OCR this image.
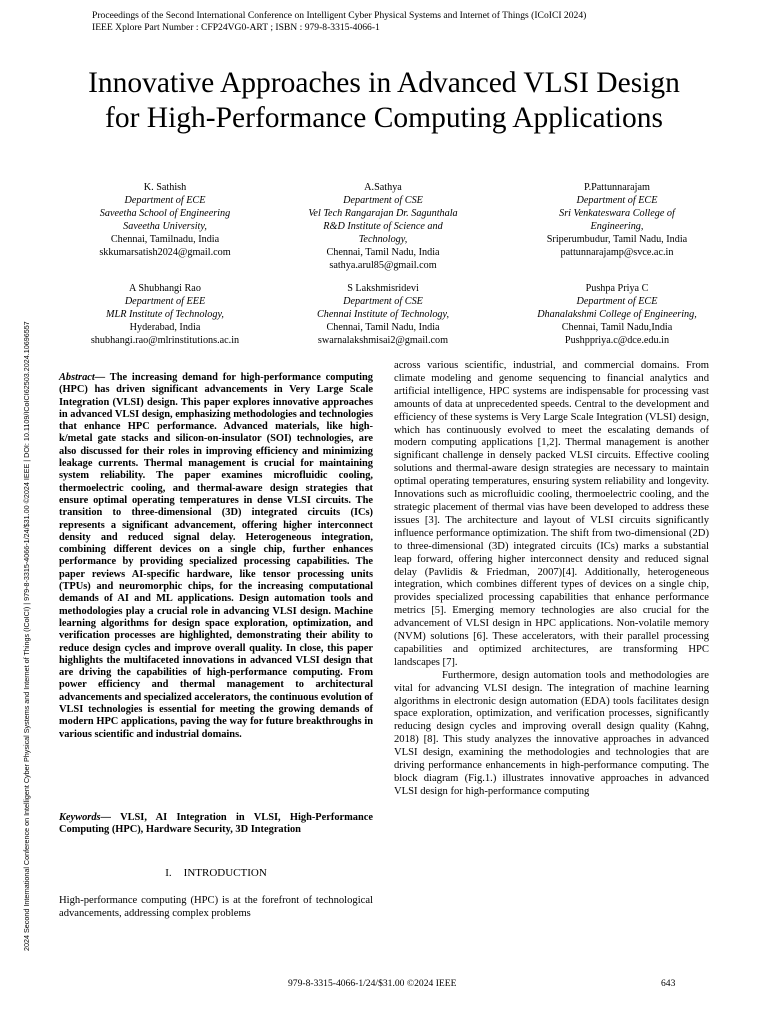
Proceedings of the Second International Conference on Intelligent Cyber Physical Systems and Internet of Things (ICoICI 2024)
IEEE Xplore Part Number : CFP24VG0-ART ; ISBN : 979-8-3315-4066-1
Innovative Approaches in Advanced VLSI Design
for High-Performance Computing Applications
2024 Second International Conference on Intelligent Cyber Physical Systems and Internet of Things (ICoICI) | 979-8-3315-4066-1/24/$31.00 ©2024 IEEE | DOI: 10.1109/ICoICI62503.2024.10696557
K. Sathish
Department of ECE
Saveetha School of Engineering
Saveetha University,
Chennai, Tamilnadu, India
skkumarsatish2024@gmail.com
A.Sathya
Department of CSE
Vel Tech Rangarajan Dr. Sagunthala
R&D Institute of Science and
Technology,
Chennai, Tamil Nadu, India
sathya.arul85@gmail.com
P.Pattunnarajam
Department of ECE
Sri Venkateswara College of
Engineering,
Sriperumbudur, Tamil Nadu, India
pattunnarajamp@svce.ac.in
A Shubhangi Rao
Department of EEE
MLR Institute of Technology,
Hyderabad, India
shubhangi.rao@mlrinstitutions.ac.in
S Lakshmisridevi
Department of CSE
Chennai Institute of Technology,
Chennai, Tamil Nadu, India
swarnalakshmisai2@gmail.com
Pushpa Priya C
Department of ECE
Dhanalakshmi College of Engineering,
Chennai, Tamil Nadu,India
Pushppriya.c@dce.edu.in
Abstract— The increasing demand for high-performance computing (HPC) has driven significant advancements in Very Large Scale Integration (VLSI) design. This paper explores innovative approaches in advanced VLSI design, emphasizing methodologies and technologies that enhance HPC performance. Advanced materials, like high-k/metal gate stacks and silicon-on-insulator (SOI) technologies, are also discussed for their roles in improving efficiency and minimizing leakage currents. Thermal management is crucial for maintaining system reliability. The paper examines microfluidic cooling, thermoelectric cooling, and thermal-aware design strategies that ensure optimal operating temperatures in dense VLSI circuits. The transition to three-dimensional (3D) integrated circuits (ICs) represents a significant advancement, offering higher interconnect density and reduced signal delay. Heterogeneous integration, combining different devices on a single chip, further enhances performance by providing specialized processing capabilities. The paper reviews AI-specific hardware, like tensor processing units (TPUs) and neuromorphic chips, for the increasing computational demands of AI and ML applications. Design automation tools and methodologies play a crucial role in advancing VLSI design. Machine learning algorithms for design space exploration, optimization, and verification processes are highlighted, demonstrating their ability to reduce design cycles and improve overall quality. In close, this paper highlights the multifaceted innovations in advanced VLSI design that are driving the capabilities of high-performance computing. From power efficiency and thermal management to architectural advancements and specialized accelerators, the continuous evolution of VLSI technologies is essential for meeting the growing demands of modern HPC applications, paving the way for future breakthroughs in various scientific and industrial domains.
Keywords— VLSI, AI Integration in VLSI, High-Performance Computing (HPC), Hardware Security, 3D Integration
I. INTRODUCTION
High-performance computing (HPC) is at the forefront of technological advancements, addressing complex problems

across various scientific, industrial, and commercial domains. From climate modeling and genome sequencing to financial analytics and artificial intelligence, HPC systems are indispensable for processing vast amounts of data at unprecedented speeds. Central to the development and efficiency of these systems is Very Large Scale Integration (VLSI) design, which has continuously evolved to meet the escalating demands of modern computing applications [1,2]. Thermal management is another significant challenge in densely packed VLSI circuits. Effective cooling solutions and thermal-aware design strategies are necessary to maintain optimal operating temperatures, ensuring system reliability and longevity. Innovations such as microfluidic cooling, thermoelectric cooling, and the strategic placement of thermal vias have been developed to address these issues [3]. The architecture and layout of VLSI circuits significantly influence performance optimization. The shift from two-dimensional (2D) to three-dimensional (3D) integrated circuits (ICs) marks a substantial leap forward, offering higher interconnect density and reduced signal delay (Pavlidis & Friedman, 2007)[4]. Additionally, heterogeneous integration, which combines different types of devices on a single chip, provides specialized processing capabilities that enhance performance metrics [5]. Emerging memory technologies are also crucial for the advancement of VLSI design in HPC applications. Non-volatile memory (NVM) solutions [6]. These accelerators, with their parallel processing capabilities and optimized architectures, are transforming HPC landscapes [7].

Furthermore, design automation tools and methodologies are vital for advancing VLSI design. The integration of machine learning algorithms in electronic design automation (EDA) tools facilitates design space exploration, optimization, and verification processes, significantly reducing design cycles and improving overall design quality (Kahng, 2018) [8]. This study analyzes the innovative approaches in advanced VLSI design, examining the methodologies and technologies that are driving performance enhancements in high-performance computing. The block diagram (Fig.1.) illustrates innovative approaches in advanced VLSI design for high-performance computing

979-8-3315-4066-1/24/$31.00 ©2024 IEEE	643
